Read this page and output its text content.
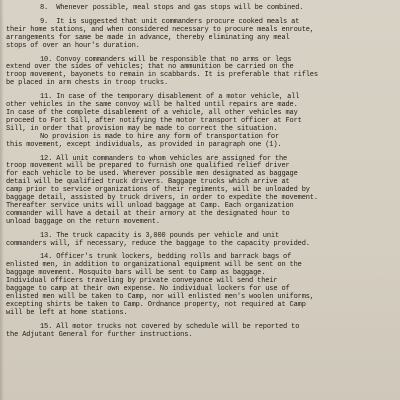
8.  Whenever possible, meal stops and gas stops will be combined.
9.  It is suggested that unit commanders procure cooked meals at
their home stations, and when considered necessary to procure meals enroute,
arrangements for same be made in advance, thereby eliminating any meal
stops of over an hour's duration.
10. Convoy commanders will be responsible that no arms or legs
extend over the sides of vehicles; that no ammunition be carried on the
troop movement, bayonets to remain in scabbards. It is preferable that rifles
be placed in arm chests in troop trucks.
11. In case of the temporary disablement of a motor vehicle, all
other vehicles in the same convoy will be halted until repairs are made.
In case of the complete disablement of a vehicle, all other vehicles may
proceed to Fort Sill, after notifying the motor transport officer at Fort
Sill, in order that provision may be made to correct the situation.
No provision is made to hire any form of transportation for
this movement, except individuals, as provided in paragraph one (1).
12. All unit commanders to whom vehicles are assigned for the
troop movement will be prepared to furnish one qualified relief driver
for each vehicle to be used. Wherever possible men designated as baggage
detail will be qualified truck drivers. Baggage trucks which arrive at
camp prior to service organizations of their regiments, will be unloaded by
baggage detail, assisted by truck drivers, in order to expedite the movement.
Thereafter service units will unload baggage at Camp. Each organization
commander will have a detail at their armory at the designated hour to
unload baggage on the return movement.
13. The truck capacity is 3,000 pounds per vehicle and unit
commanders will, if necessary, reduce the baggage to the capacity provided.
14. Officer's trunk lockers, bedding rolls and barrack bags of
enlisted men, in addition to organizational equipment will be sent on the
baggage movement. Mosquito bars will be sent to Camp as baggage.
Individual officers traveling by private conveyance will send their
baggage to camp at their own expense. No individual lockers for use of
enlisted men will be taken to Camp, nor will enlisted men's woolen uniforms,
excepting shirts be taken to Camp. Ordnance property, not required at Camp
will be left at home stations.
15. All motor trucks not covered by schedule will be reported to
the Adjutant General for further instructions.
